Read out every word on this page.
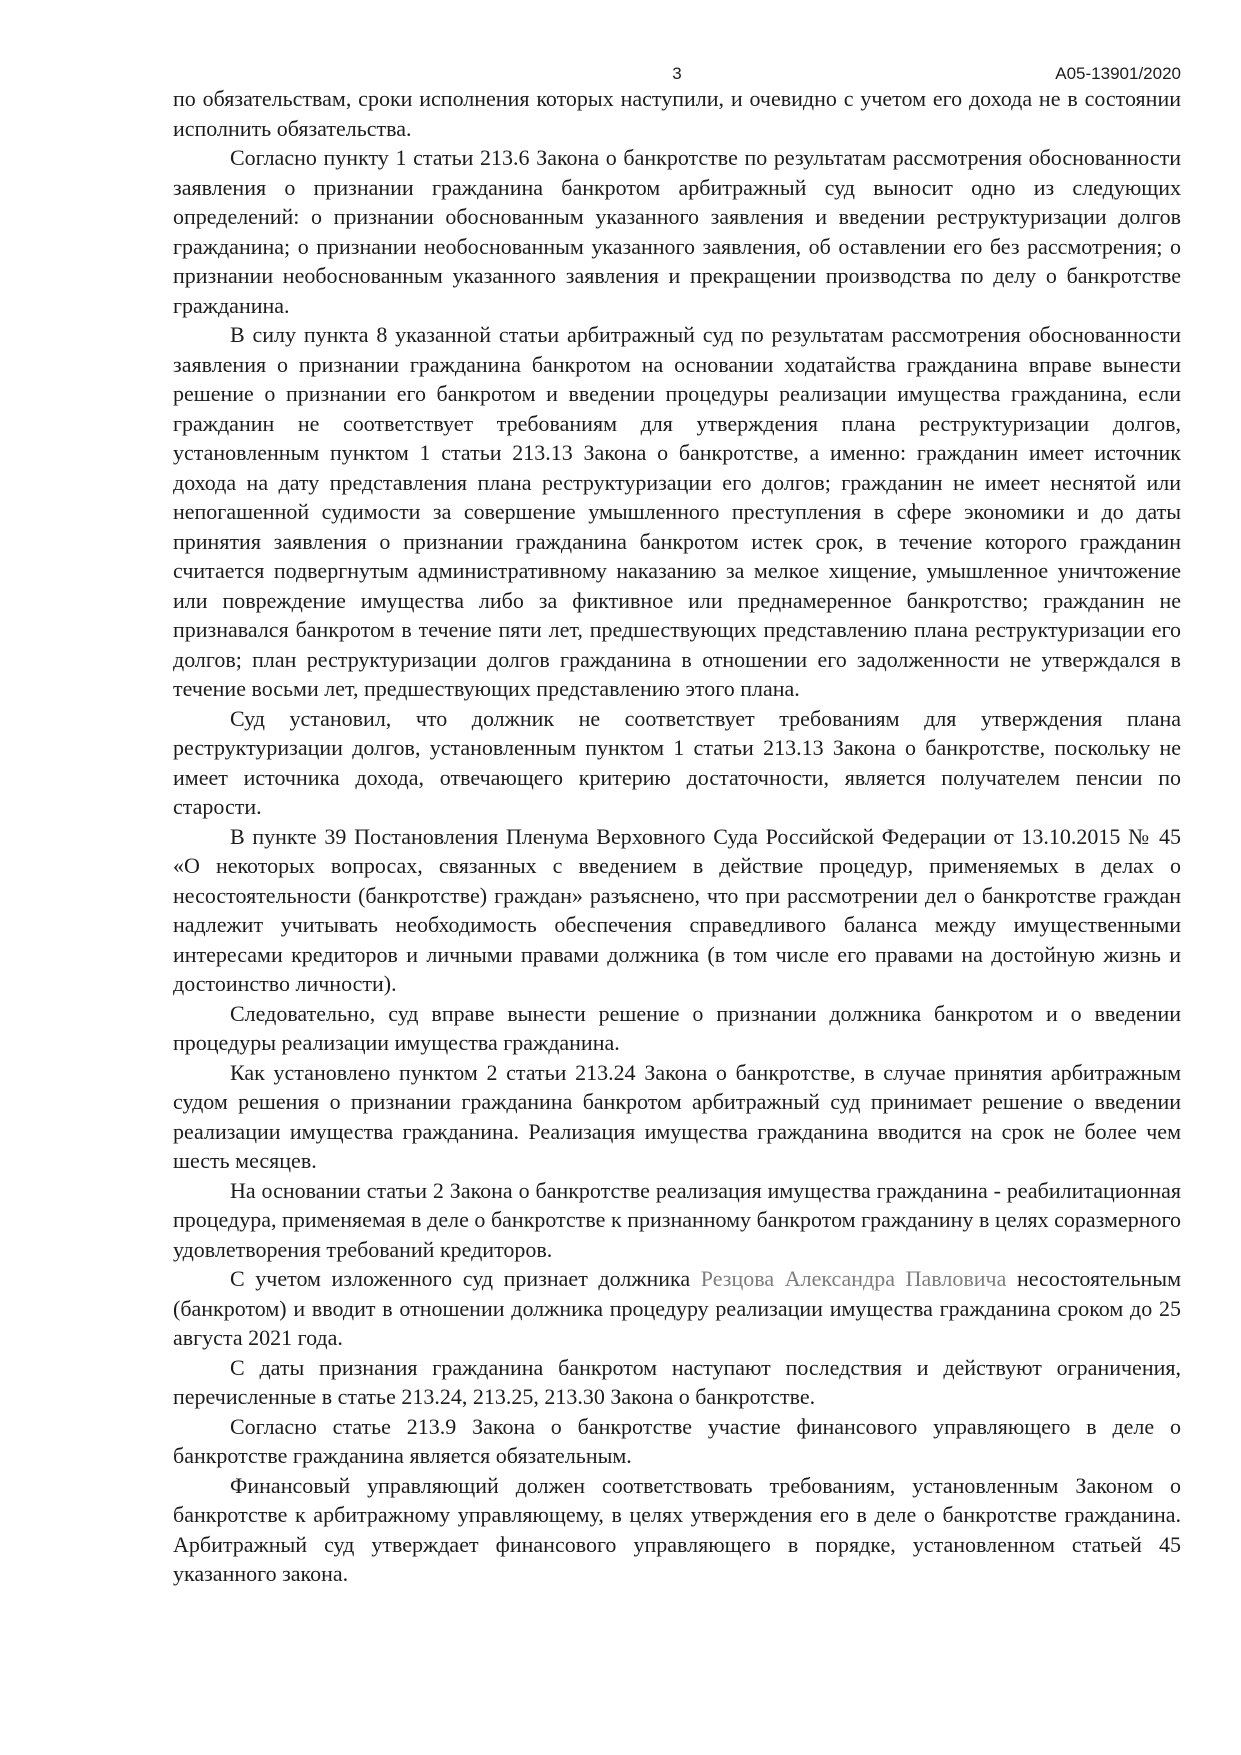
3	A05-13901/2020

по обязательствам, сроки исполнения которых наступили, и очевидно с учетом его дохода не в состоянии исполнить обязательства.

Согласно пункту 1 статьи 213.6 Закона о банкротстве по результатам рассмотрения обоснованности заявления о признании гражданина банкротом арбитражный суд выносит одно из следующих определений: о признании обоснованным указанного заявления и введении реструктуризации долгов гражданина; о признании необоснованным указанного заявления, об оставлении его без рассмотрения; о признании необоснованным указанного заявления и прекращении производства по делу о банкротстве гражданина.

В силу пункта 8 указанной статьи арбитражный суд по результатам рассмотрения обоснованности заявления о признании гражданина банкротом на основании ходатайства гражданина вправе вынести решение о признании его банкротом и введении процедуры реализации имущества гражданина, если гражданин не соответствует требованиям для утверждения плана реструктуризации долгов, установленным пунктом 1 статьи 213.13 Закона о банкротстве, а именно: гражданин имеет источник дохода на дату представления плана реструктуризации его долгов; гражданин не имеет неснятой или непогашенной судимости за совершение умышленного преступления в сфере экономики и до даты принятия заявления о признании гражданина банкротом истек срок, в течение которого гражданин считается подвергнутым административному наказанию за мелкое хищение, умышленное уничтожение или повреждение имущества либо за фиктивное или преднамеренное банкротство; гражданин не признавался банкротом в течение пяти лет, предшествующих представлению плана реструктуризации его долгов; план реструктуризации долгов гражданина в отношении его задолженности не утверждался в течение восьми лет, предшествующих представлению этого плана.

Суд установил, что должник не соответствует требованиям для утверждения плана реструктуризации долгов, установленным пунктом 1 статьи 213.13 Закона о банкротстве, поскольку не имеет источника дохода, отвечающего критерию достаточности, является получателем пенсии по старости.

В пункте 39 Постановления Пленума Верховного Суда Российской Федерации от 13.10.2015 № 45 «О некоторых вопросах, связанных с введением в действие процедур, применяемых в делах о несостоятельности (банкротстве) граждан» разъяснено, что при рассмотрении дел о банкротстве граждан надлежит учитывать необходимость обеспечения справедливого баланса между имущественными интересами кредиторов и личными правами должника (в том числе его правами на достойную жизнь и достоинство личности).

Следовательно, суд вправе вынести решение о признании должника банкротом и о введении процедуры реализации имущества гражданина.

Как установлено пунктом 2 статьи 213.24 Закона о банкротстве, в случае принятия арбитражным судом решения о признании гражданина банкротом арбитражный суд принимает решение о введении реализации имущества гражданина. Реализация имущества гражданина вводится на срок не более чем шесть месяцев.

На основании статьи 2 Закона о банкротстве реализация имущества гражданина - реабилитационная процедура, применяемая в деле о банкротстве к признанному банкротом гражданину в целях соразмерного удовлетворения требований кредиторов.

С учетом изложенного суд признает должника Резцова Александра Павловича несостоятельным (банкротом) и вводит в отношении должника процедуру реализации имущества гражданина сроком до 25 августа 2021 года.

С даты признания гражданина банкротом наступают последствия и действуют ограничения, перечисленные в статье 213.24, 213.25, 213.30 Закона о банкротстве.

Согласно статье 213.9 Закона о банкротстве участие финансового управляющего в деле о банкротстве гражданина является обязательным.

Финансовый управляющий должен соответствовать требованиям, установленным Законом о банкротстве к арбитражному управляющему, в целях утверждения его в деле о банкротстве гражданина. Арбитражный суд утверждает финансового управляющего в порядке, установленном статьей 45 указанного закона.
